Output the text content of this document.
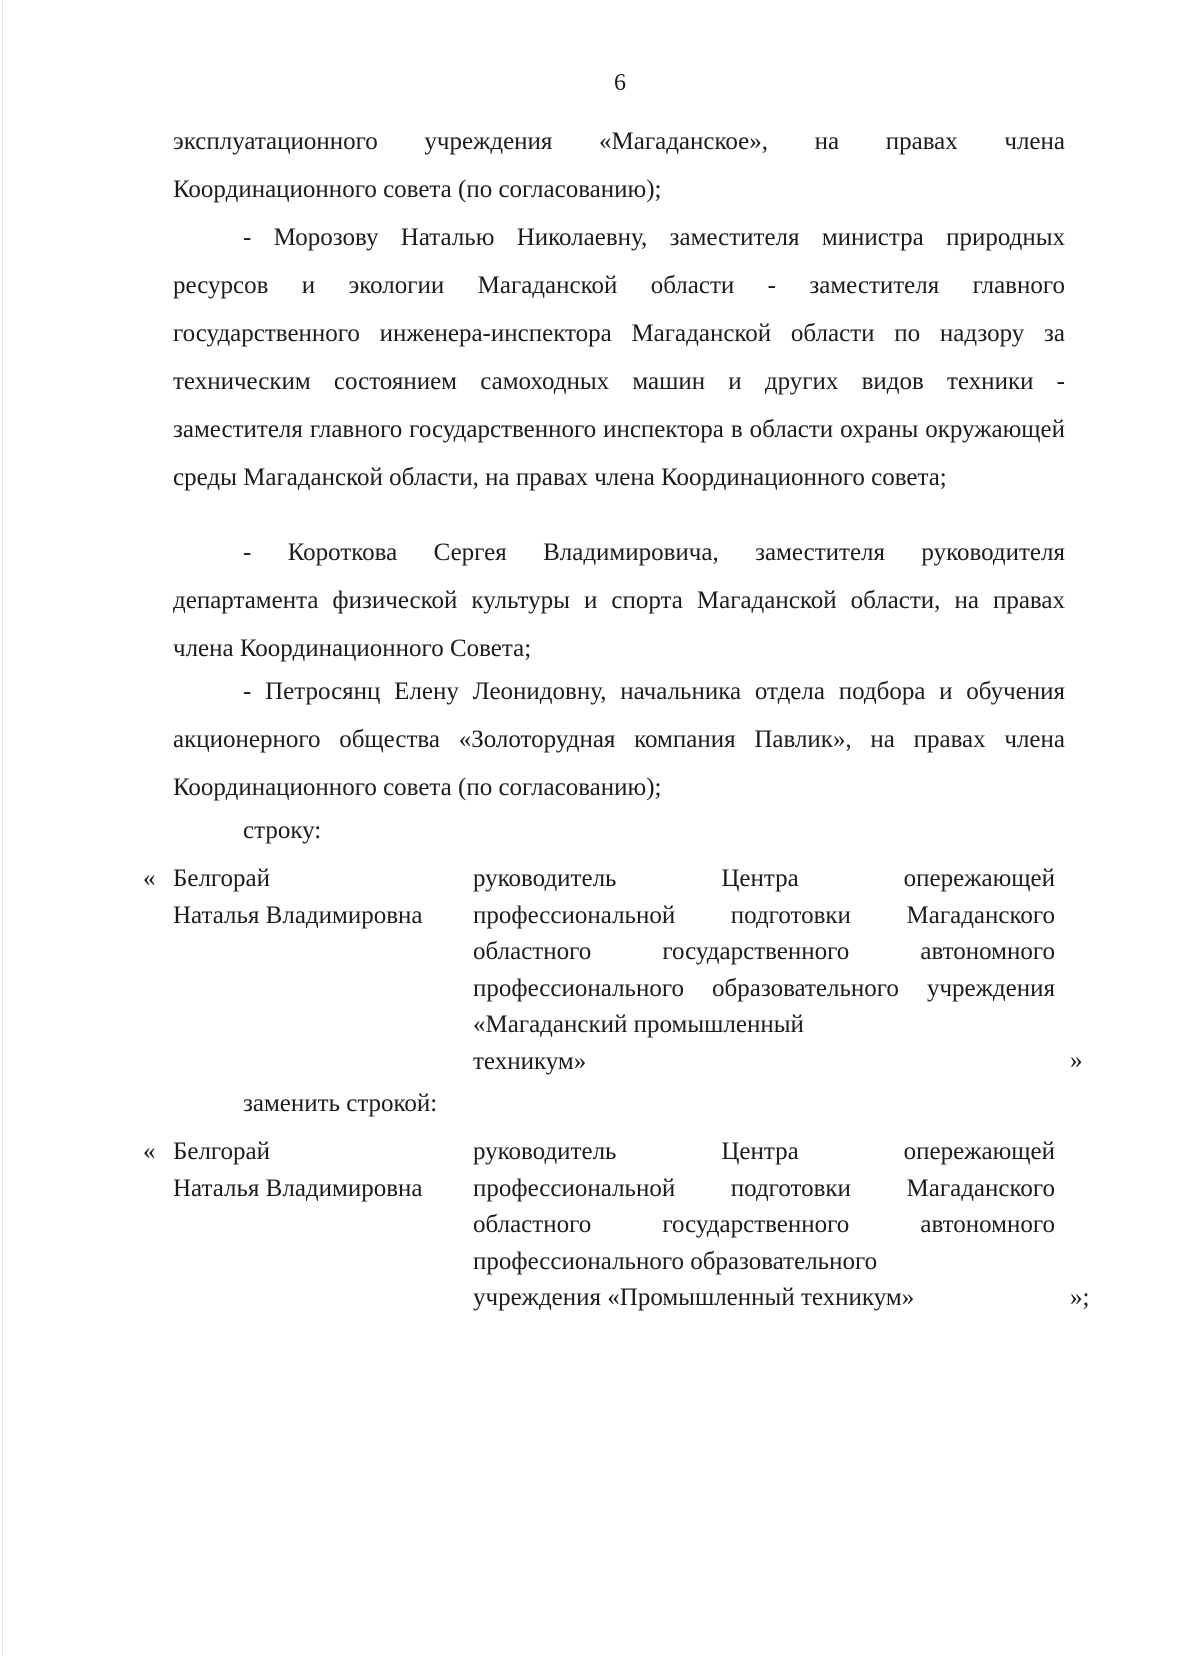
6

эксплуатационного учреждения «Магаданское», на правах члена Координационного совета (по согласованию);

- Морозову Наталью Николаевну, заместителя министра природных ресурсов и экологии Магаданской области - заместителя главного государственного инженера-инспектора Магаданской области по надзору за техническим состоянием самоходных машин и других видов техники - заместителя главного государственного инспектора в области охраны окружающей среды Магаданской области, на правах члена Координационного совета;

- Короткова Сергея Владимировича, заместителя руководителя департамента физической культуры и спорта Магаданской области, на правах члена Координационного Совета;

- Петросянц Елену Леонидовну, начальника отдела подбора и обучения акционерного общества «Золоторудная компания Павлик», на правах члена Координационного совета (по согласованию);

строку:

« Белгорай
Наталья Владимировна
руководитель Центра опережающей профессиональной подготовки Магаданского областного государственного автономного профессионального образовательного учреждения «Магаданский промышленный
техникум»	»

заменить строкой:

« Белгорай
Наталья Владимировна
руководитель Центра опережающей профессиональной подготовки Магаданского областного государственного автономного профессионального образовательного
учреждения «Промышленный техникум»	»;
